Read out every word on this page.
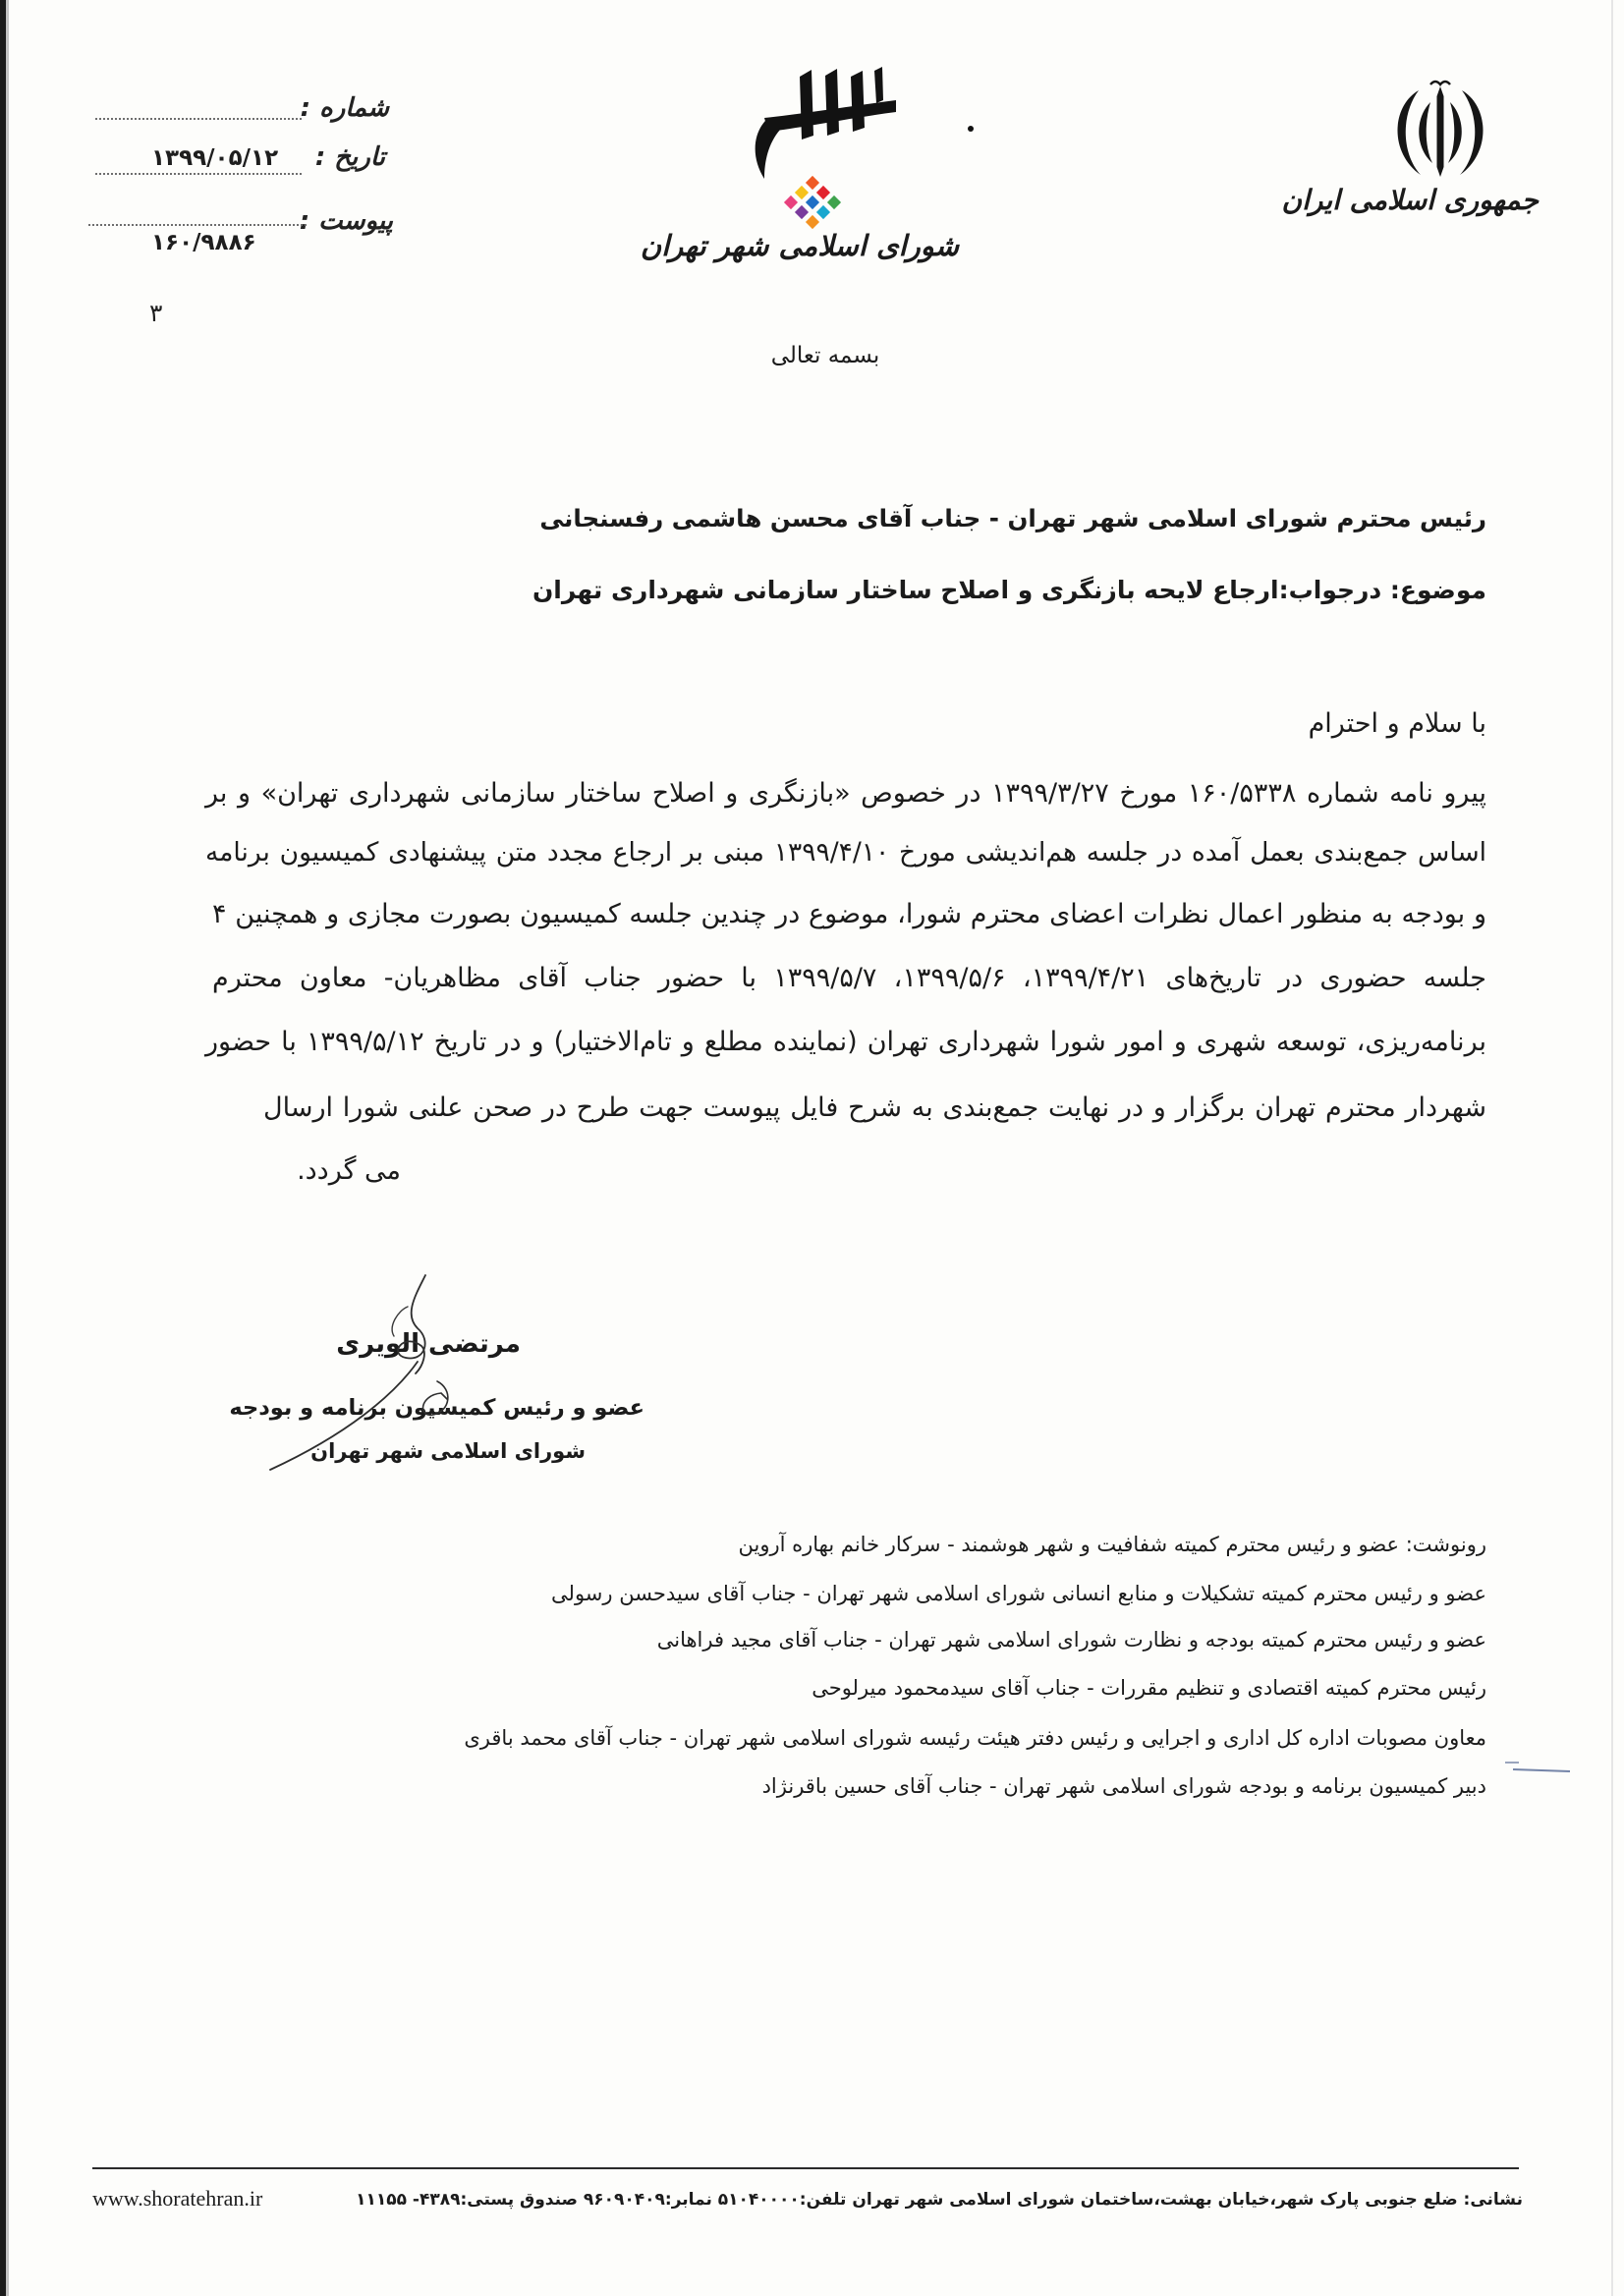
شماره :
تاریخ :
۱۳۹۹/۰۵/۱۲
پیوست :
۱۶۰/۹۸۸۶
۳
جمهوری اسلامی ایران
شورای اسلامی شهر تهران
بسمه تعالی
رئیس محترم شورای اسلامی شهر تهران - جناب آقای محسن هاشمی رفسنجانی
موضوع: درجواب:ارجاع لایحه بازنگری و اصلاح ساختار سازمانی شهرداری تهران
با سلام و احترام
پیرو نامه شماره ۱۶۰/۵۳۳۸ مورخ ۱۳۹۹/۳/۲۷ در خصوص «بازنگری و اصلاح ساختار سازمانی شهرداری تهران» و بر
اساس جمع‌بندی بعمل آمده در جلسه هم‌اندیشی مورخ ۱۳۹۹/۴/۱۰ مبنی بر ارجاع مجدد متن پیشنهادی کمیسیون برنامه
و بودجه به منظور اعمال نظرات اعضای محترم شورا، موضوع در چندین جلسه کمیسیون بصورت مجازی و همچنین ۴
جلسه حضوری در تاریخ‌های ۱۳۹۹/۴/۲۱، ۱۳۹۹/۵/۶، ۱۳۹۹/۵/۷ با حضور جناب آقای مظاهریان- معاون محترم
برنامه‌ریزی، توسعه شهری و امور شورا شهرداری تهران (نماینده مطلع و تام‌الاختیار) و در تاریخ ۱۳۹۹/۵/۱۲ با حضور
شهردار محترم تهران برگزار و در نهایت جمع‌بندی به شرح فایل پیوست جهت طرح در صحن علنی شورا ارسال
می گردد.
مرتضی الویری
عضو و رئیس کمیسیون برنامه و بودجه
شورای اسلامی شهر تهران
رونوشت: عضو و رئیس محترم کمیته شفافیت و شهر هوشمند - سرکار خانم بهاره آروین
عضو و رئیس محترم کمیته تشکیلات و منابع انسانی شورای اسلامی شهر تهران - جناب آقای سیدحسن رسولی
عضو و رئیس محترم کمیته بودجه و نظارت شورای اسلامی شهر تهران - جناب آقای مجید فراهانی
رئیس محترم کمیته اقتصادی و تنظیم مقررات - جناب آقای سیدمحمود میرلوحی
معاون مصوبات اداره کل اداری و اجرایی و رئیس دفتر هیئت رئیسه شورای اسلامی شهر تهران - جناب آقای محمد باقری
دبیر کمیسیون برنامه و بودجه شورای اسلامی شهر تهران - جناب آقای حسین باقرنژاد
نشانی: ضلع جنوبی پارک شهر،خیابان بهشت،ساختمان شورای اسلامی شهر تهران تلفن:۵۱۰۴۰۰۰۰ نمابر:۹۶۰۹۰۴۰۹ صندوق پستی:۴۳۸۹- ۱۱۱۵۵
www.shoratehran.ir
